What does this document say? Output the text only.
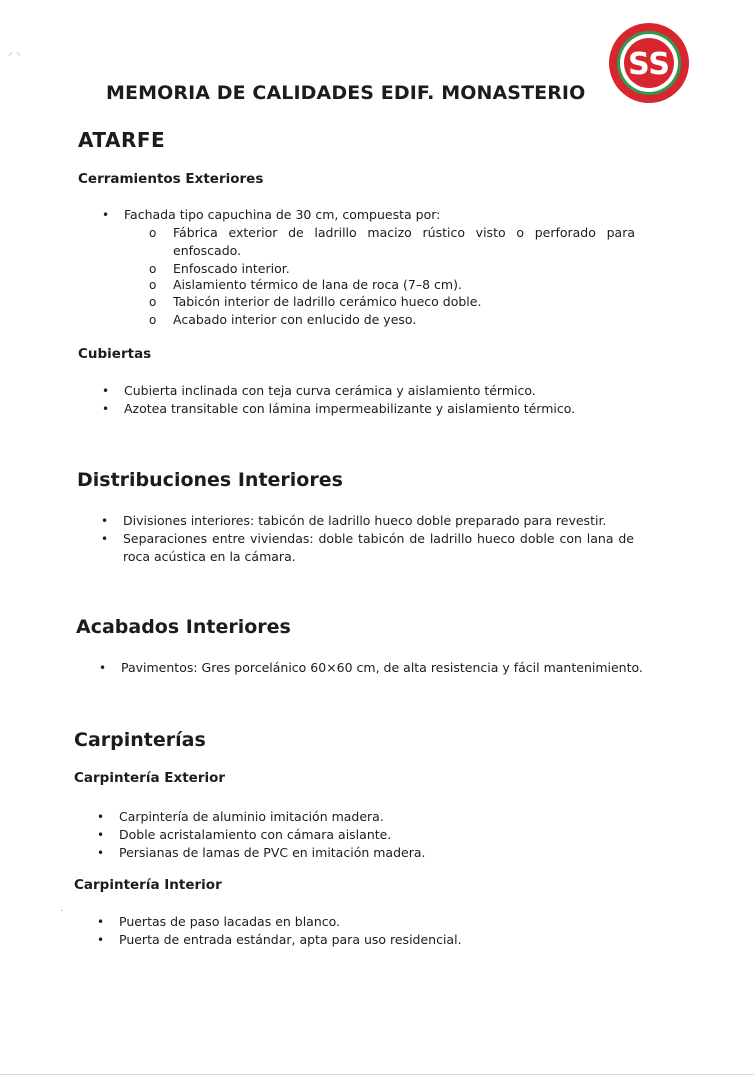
⸝ ⸜
·
SS
MEMORIA DE CALIDADES EDIF. MONASTERIO
ATARFE
Cerramientos Exteriores
• Fachada tipo capuchina de 30 cm, compuesta por:
o Fábrica exterior de ladrillo macizo rústico visto o perforado para enfoscado.
o Enfoscado interior.
o Aislamiento térmico de lana de roca (7–8 cm).
o Tabicón interior de ladrillo cerámico hueco doble.
o Acabado interior con enlucido de yeso.
Cubiertas
• Cubierta inclinada con teja curva cerámica y aislamiento térmico.
• Azotea transitable con lámina impermeabilizante y aislamiento térmico.
Distribuciones Interiores
• Divisiones interiores: tabicón de ladrillo hueco doble preparado para revestir.
• Separaciones entre viviendas: doble tabicón de ladrillo hueco doble con lana de roca acústica en la cámara.
Acabados Interiores
• Pavimentos: Gres porcelánico 60×60 cm, de alta resistencia y fácil mantenimiento.
Carpinterías
Carpintería Exterior
• Carpintería de aluminio imitación madera.
• Doble acristalamiento con cámara aislante.
• Persianas de lamas de PVC en imitación madera.
Carpintería Interior
• Puertas de paso lacadas en blanco.
• Puerta de entrada estándar, apta para uso residencial.
